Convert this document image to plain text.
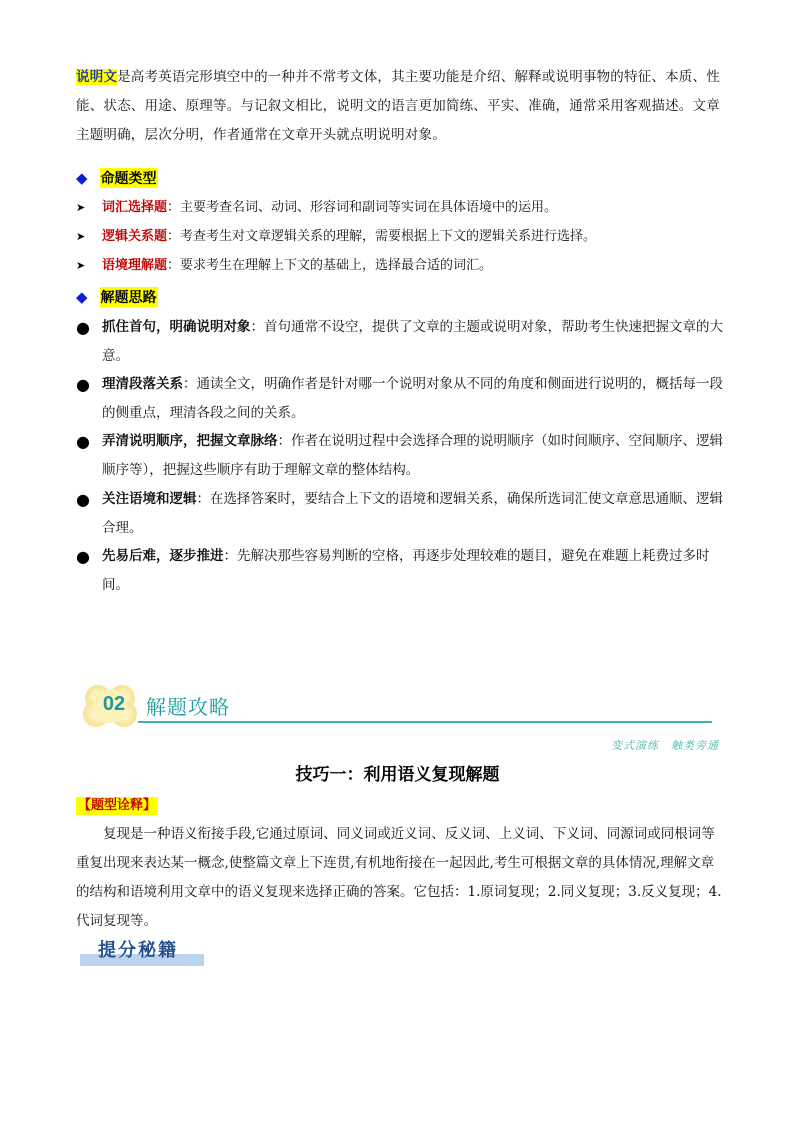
说明文是高考英语完形填空中的一种并不常考文体，其主要功能是介绍、解释或说明事物的特征、本质、性能、状态、用途、原理等。与记叙文相比，说明文的语言更加简练、平实、准确，通常采用客观描述。文章主题明确，层次分明，作者通常在文章开头就点明说明对象。
◆ 命题类型
➤	词汇选择题 ：主要考查名词、动词、形容词和副词等实词在具体语境中的运用。
➤	逻辑关系题 ：考查考生对文章逻辑关系的理解，需要根据上下文的逻辑关系进行选择。
➤	语境理解题 ：要求考生在理解上下文的基础上，选择最合适的词汇。
◆ 解题思路
● 抓住首句，明确说明对象：首句通常不设空，提供了文章的主题或说明对象，帮助考生快速把握文章的大意。
● 理清段落关系：通读全文，明确作者是针对哪一个说明对象从不同的角度和侧面进行说明的，概括每一段的侧重点，理清各段之间的关系。
● 弄清说明顺序，把握文章脉络：作者在说明过程中会选择合理的说明顺序（如时间顺序、空间顺序、逻辑顺序等），把握这些顺序有助于理解文章的整体结构。
● 关注语境和逻辑：在选择答案时，要结合上下文的语境和逻辑关系，确保所选词汇使文章意思通顺、逻辑合理。
● 先易后难，逐步推进：先解决那些容易判断的空格，再逐步处理较难的题目，避免在难题上耗费过多时间。
02	解题攻略
变式演练　触类旁通
技巧一：利用语义复现解题
【题型诠释】
复现是一种语义衔接手段,它通过原词、同义词或近义词、反义词、上义词、下义词、同源词或同根词等重复出现来表达某一概念,使整篇文章上下连贯,有机地衔接在一起因此,考生可根据文章的具体情况,理解文章的结构和语境利用文章中的语义复现来选择正确的答案。它包括：1.原词复现；2.同义复现；3.反义复现；4.代词复现等。
提分秘籍
